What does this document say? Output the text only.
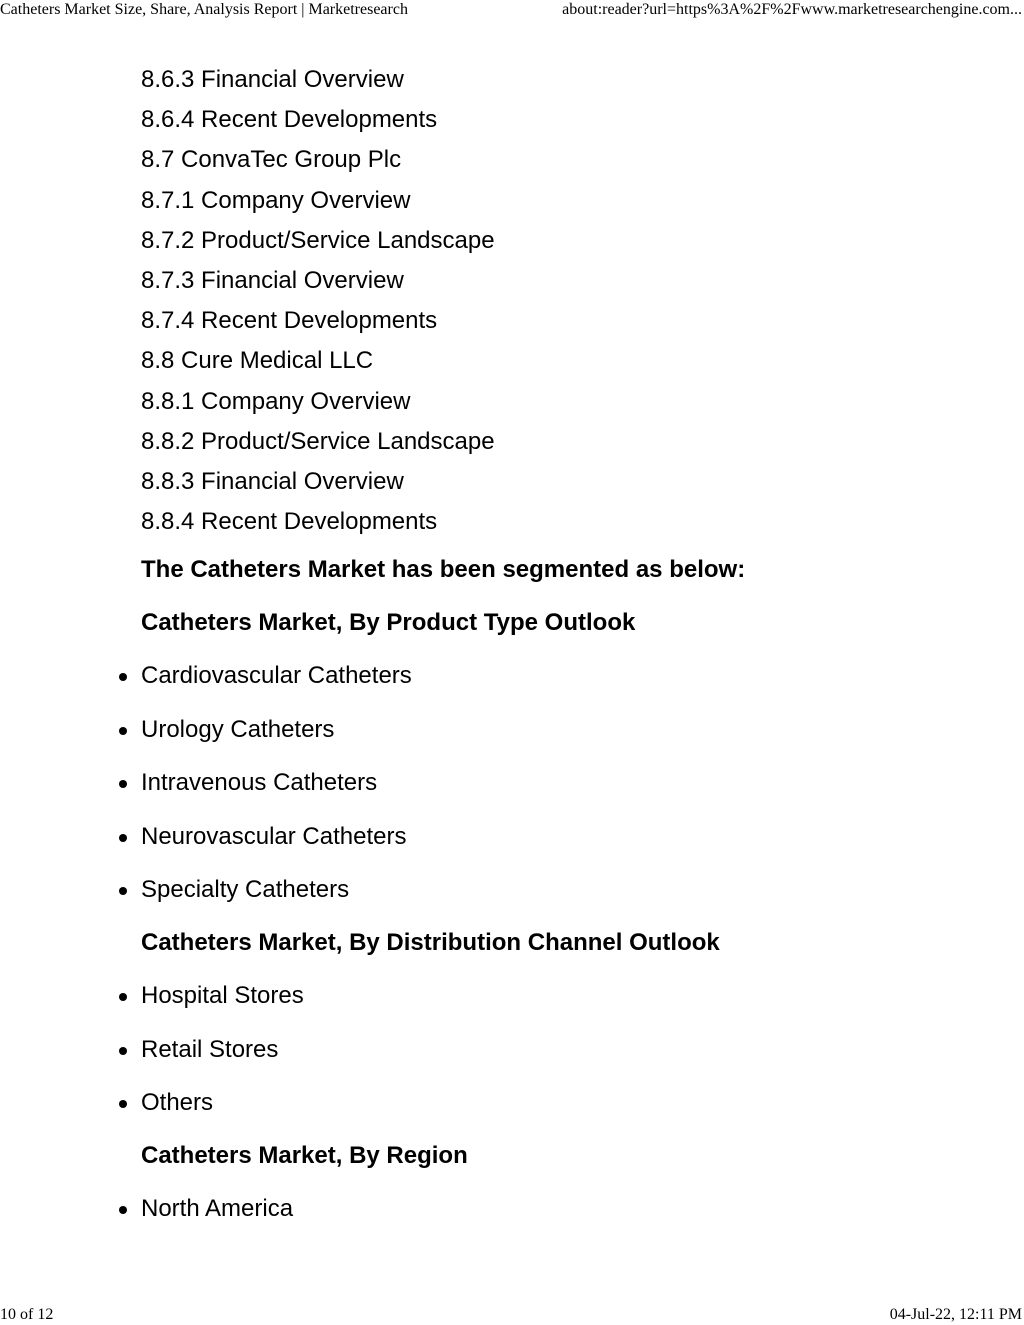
Catheters Market Size, Share, Analysis Report | Marketresearch	about:reader?url=https%3A%2F%2Fwww.marketresearchengine.com...
8.6.3 Financial Overview
8.6.4 Recent Developments
8.7 ConvaTec Group Plc
8.7.1 Company Overview
8.7.2 Product/Service Landscape
8.7.3 Financial Overview
8.7.4 Recent Developments
8.8 Cure Medical LLC
8.8.1 Company Overview
8.8.2 Product/Service Landscape
8.8.3 Financial Overview
8.8.4 Recent Developments
The Catheters Market has been segmented as below:
Catheters Market, By Product Type Outlook
Cardiovascular Catheters
Urology Catheters
Intravenous Catheters
Neurovascular Catheters
Specialty Catheters
Catheters Market, By Distribution Channel Outlook
Hospital Stores
Retail Stores
Others
Catheters Market, By Region
North America
10 of 12	04-Jul-22, 12:11 PM
